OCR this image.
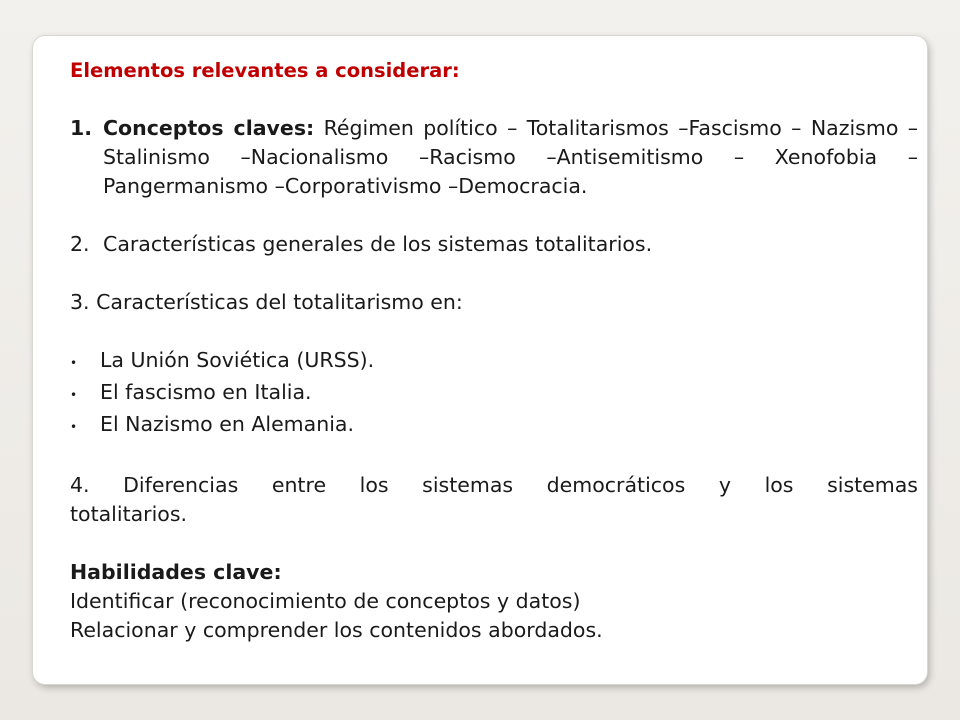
Elementos relevantes a considerar:
1. Conceptos claves: Régimen político – Totalitarismos –Fascismo – Nazismo –Stalinismo –Nacionalismo –Racismo –Antisemitismo – Xenofobia –Pangermanismo –Corporativismo –Democracia.
2. Características generales de los sistemas totalitarios.
3. Características del totalitarismo en:
•	La Unión Soviética (URSS).
•	El fascismo en Italia.
•	El Nazismo en Alemania.
4. Diferencias entre los sistemas democráticos y los sistemas
totalitarios.
Habilidades clave:
Identificar (reconocimiento de conceptos y datos)
Relacionar y comprender los contenidos abordados.
